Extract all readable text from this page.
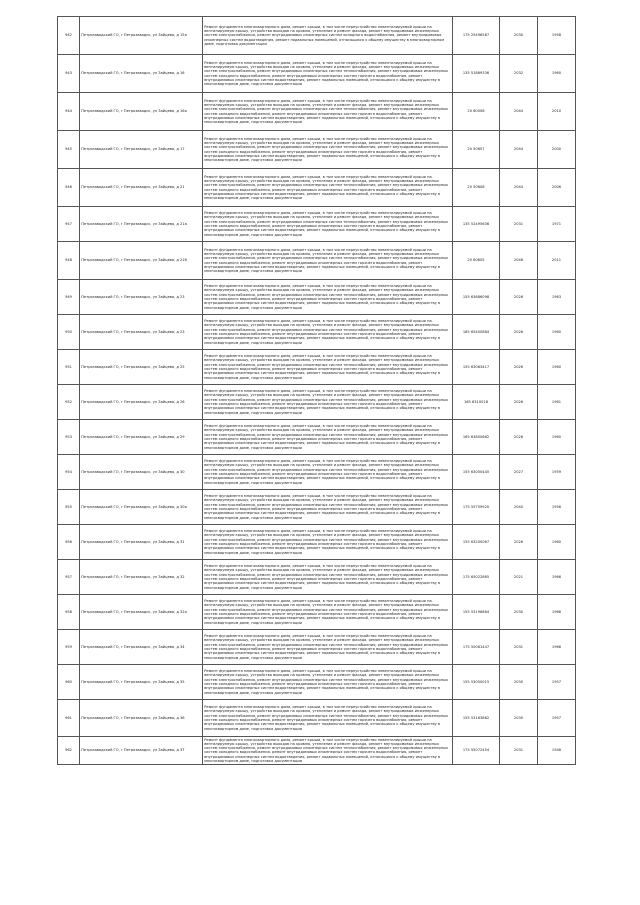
942	Петрозаводский ГО, г Петрозаводск, ул Зайцева, д 15а	Ремонт фундамента многоквартирного дома, ремонт крыши, в том числе переустройство невентилируемой крыши на вентилируемую крышу, устройство выходов на кровлю, утепление и ремонт фасада, ремонт внутридомовых инженерных систем электроснабжения, ремонт внутридомовых инженерных систем холодного водоснабжения, ремонт внутридомовых инженерных систем водоотведения, ремонт подвальных помещений, относящихся к общему имуществу в многоквартирном доме, подготовка документации	175 25496587	2030	1958
943	Петрозаводский ГО, г Петрозаводск, ул Зайцева, д 16	Ремонт фундамента многоквартирного дома, ремонт крыши, в том числе переустройство невентилируемой крыши на вентилируемую крышу, устройство выходов на кровлю, утепление и ремонт фасада, ремонт внутридомовых инженерных систем электроснабжения, ремонт внутридомовых инженерных систем теплоснабжения, ремонт внутридомовых инженерных систем холодного водоснабжения, ремонт внутридомовых инженерных систем горячего водоснабжения, ремонт внутридомовых инженерных систем водоотведения, ремонт подвальных помещений, относящихся к общему имуществу в многоквартирном доме, подготовка документации	135 51869336	2032	1960
944	Петрозаводский ГО, г Петрозаводск, ул Зайцева, д 16а	Ремонт фундамента многоквартирного дома, ремонт крыши, в том числе переустройство невентилируемой крыши на вентилируемую крышу, устройство выходов на кровлю, утепление и ремонт фасада, ремонт внутридомовых инженерных систем электроснабжения, ремонт внутридомовых инженерных систем теплоснабжения, ремонт внутридомовых инженерных систем холодного водоснабжения, ремонт внутридомовых инженерных систем горячего водоснабжения, ремонт внутридомовых инженерных систем водоотведения, ремонт подвальных помещений, относящихся к общему имуществу в многоквартирном доме, подготовка документации	20 60006	2044	2010
945	Петрозаводский ГО, г Петрозаводск, ул Зайцева, д 17	Ремонт фундамента многоквартирного дома, ремонт крыши, в том числе переустройство невентилируемой крыши на вентилируемую крышу, устройство выходов на кровлю, утепление и ремонт фасада, ремонт внутридомовых инженерных систем электроснабжения, ремонт внутридомовых инженерных систем теплоснабжения, ремонт внутридомовых инженерных систем холодного водоснабжения, ремонт внутридомовых инженерных систем горячего водоснабжения, ремонт внутридомовых инженерных систем водоотведения, ремонт подвальных помещений, относящихся к общему имуществу в многоквартирном доме, подготовка документации	20 50607	2044	2000
946	Петрозаводский ГО, г Петрозаводск, ул Зайцева, д 21	Ремонт фундамента многоквартирного дома, ремонт крыши, в том числе переустройство невентилируемой крыши на вентилируемую крышу, устройство выходов на кровлю, утепление и ремонт фасада, ремонт внутридомовых инженерных систем электроснабжения, ремонт внутридомовых инженерных систем теплоснабжения, ремонт внутридомовых инженерных систем холодного водоснабжения, ремонт внутридомовых инженерных систем горячего водоснабжения, ремонт внутридомовых инженерных систем водоотведения, ремонт подвальных помещений, относящихся к общему имуществу в многоквартирном доме, подготовка документации	20 50608	2044	2006
947	Петрозаводский ГО, г Петрозаводск, ул Зайцева, д 21а	Ремонт фундамента многоквартирного дома, ремонт крыши, в том числе переустройство невентилируемой крыши на вентилируемую крышу, устройство выходов на кровлю, утепление и ремонт фасада, ремонт внутридомовых инженерных систем электроснабжения, ремонт внутридомовых инженерных систем теплоснабжения, ремонт внутридомовых инженерных систем холодного водоснабжения, ремонт внутридомовых инженерных систем горячего водоснабжения, ремонт внутридомовых инженерных систем водоотведения, ремонт подвальных помещений, относящихся к общему имуществу в многоквартирном доме, подготовка документации	135 52495636	2031	1971
948	Петрозаводский ГО, г Петрозаводск, ул Зайцева, д 21б	Ремонт фундамента многоквартирного дома, ремонт крыши, в том числе переустройство невентилируемой крыши на вентилируемую крышу, устройство выходов на кровлю, утепление и ремонт фасада, ремонт внутридомовых инженерных систем электроснабжения, ремонт внутридомовых инженерных систем теплоснабжения, ремонт внутридомовых инженерных систем холодного водоснабжения, ремонт внутридомовых инженерных систем горячего водоснабжения, ремонт внутридомовых инженерных систем водоотведения, ремонт подвальных помещений, относящихся к общему имуществу в многоквартирном доме, подготовка документации	20 60605	2046	2011
949	Петрозаводский ГО, г Петрозаводск, ул Зайцева, д 23	Ремонт фундамента многоквартирного дома, ремонт крыши, в том числе переустройство невентилируемой крыши на вентилируемую крышу, устройство выходов на кровлю, утепление и ремонт фасада, ремонт внутридомовых инженерных систем электроснабжения, ремонт внутридомовых инженерных систем теплоснабжения, ремонт внутридомовых инженерных систем холодного водоснабжения, ремонт внутридомовых инженерных систем горячего водоснабжения, ремонт внутридомовых инженерных систем водоотведения, ремонт подвальных помещений, относящихся к общему имуществу в многоквартирном доме, подготовка документации	155 63686098	2026	1963
950	Петрозаводский ГО, г Петрозаводск, ул Зайцева, д 23	Ремонт фундамента многоквартирного дома, ремонт крыши, в том числе переустройство невентилируемой крыши на вентилируемую крышу, устройство выходов на кровлю, утепление и ремонт фасада, ремонт внутридомовых инженерных систем электроснабжения, ремонт внутридомовых инженерных систем теплоснабжения, ремонт внутридомовых инженерных систем холодного водоснабжения, ремонт внутридомовых инженерных систем горячего водоснабжения, ремонт внутридомовых инженерных систем водоотведения, ремонт подвальных помещений, относящихся к общему имуществу в многоквартирном доме, подготовка документации	185 65400884	2026	1960
951	Петрозаводский ГО, г Петрозаводск, ул Зайцева, д 25	Ремонт фундамента многоквартирного дома, ремонт крыши, в том числе переустройство невентилируемой крыши на вентилируемую крышу, устройство выходов на кровлю, утепление и ремонт фасада, ремонт внутридомовых инженерных систем электроснабжения, ремонт внутридомовых инженерных систем теплоснабжения, ремонт внутридомовых инженерных систем холодного водоснабжения, ремонт внутридомовых инженерных систем горячего водоснабжения, ремонт внутридомовых инженерных систем водоотведения, ремонт подвальных помещений, относящихся к общему имуществу в многоквартирном доме, подготовка документации	155 63063417	2026	1960
952	Петрозаводский ГО, г Петрозаводск, ул Зайцева, д 26	Ремонт фундамента многоквартирного дома, ремонт крыши, в том числе переустройство невентилируемой крыши на вентилируемую крышу, устройство выходов на кровлю, утепление и ремонт фасада, ремонт внутридомовых инженерных систем электроснабжения, ремонт внутридомовых инженерных систем теплоснабжения, ремонт внутридомовых инженерных систем холодного водоснабжения, ремонт внутридомовых инженерных систем горячего водоснабжения, ремонт внутридомовых инженерных систем водоотведения, ремонт подвальных помещений, относящихся к общему имуществу в многоквартирном доме, подготовка документации	165 6310018	2026	1961
953	Петрозаводский ГО, г Петрозаводск, ул Зайцева, д 29	Ремонт фундамента многоквартирного дома, ремонт крыши, в том числе переустройство невентилируемой крыши на вентилируемую крышу, устройство выходов на кровлю, утепление и ремонт фасада, ремонт внутридомовых инженерных систем электроснабжения, ремонт внутридомовых инженерных систем теплоснабжения, ремонт внутридомовых инженерных систем холодного водоснабжения, ремонт внутридомовых инженерных систем горячего водоснабжения, ремонт внутридомовых инженерных систем водоотведения, ремонт подвальных помещений, относящихся к общему имуществу в многоквартирном доме, подготовка документации	165 63800662	2026	1960
954	Петрозаводский ГО, г Петрозаводск, ул Зайцева, д 30	Ремонт фундамента многоквартирного дома, ремонт крыши, в том числе переустройство невентилируемой крыши на вентилируемую крышу, устройство выходов на кровлю, утепление и ремонт фасада, ремонт внутридомовых инженерных систем электроснабжения, ремонт внутридомовых инженерных систем теплоснабжения, ремонт внутридомовых инженерных систем холодного водоснабжения, ремонт внутридомовых инженерных систем горячего водоснабжения, ремонт внутридомовых инженерных систем водоотведения, ремонт подвальных помещений, относящихся к общему имуществу в многоквартирном доме, подготовка документации	155 63050445	2027	1959
955	Петрозаводский ГО, г Петрозаводск, ул Зайцева, д 30а	Ремонт фундамента многоквартирного дома, ремонт крыши, в том числе переустройство невентилируемой крыши на вентилируемую крышу, устройство выходов на кровлю, утепление и ремонт фасада, ремонт внутридомовых инженерных систем электроснабжения, ремонт внутридомовых инженерных систем теплоснабжения, ремонт внутридомовых инженерных систем холодного водоснабжения, ремонт внутридомовых инженерных систем горячего водоснабжения, ремонт внутридомовых инженерных систем водоотведения, ремонт подвальных помещений, относящихся к общему имуществу в многоквартирном доме, подготовка документации	175 55759920	2040	1956
956	Петрозаводский ГО, г Петрозаводск, ул Зайцева, д 31	Ремонт фундамента многоквартирного дома, ремонт крыши, в том числе переустройство невентилируемой крыши на вентилируемую крышу, устройство выходов на кровлю, утепление и ремонт фасада, ремонт внутридомовых инженерных систем электроснабжения, ремонт внутридомовых инженерных систем теплоснабжения, ремонт внутридомовых инженерных систем холодного водоснабжения, ремонт внутридомовых инженерных систем горячего водоснабжения, ремонт внутридомовых инженерных систем водоотведения, ремонт подвальных помещений, относящихся к общему имуществу в многоквартирном доме, подготовка документации	155 63200067	2026	1960
957	Петрозаводский ГО, г Петрозаводск, ул Зайцева, д 32	Ремонт фундамента многоквартирного дома, ремонт крыши, в том числе переустройство невентилируемой крыши на вентилируемую крышу, устройство выходов на кровлю, утепление и ремонт фасада, ремонт внутридомовых инженерных систем электроснабжения, ремонт внутридомовых инженерных систем теплоснабжения, ремонт внутридомовых инженерных систем холодного водоснабжения, ремонт внутридомовых инженерных систем горячего водоснабжения, ремонт внутридомовых инженерных систем водоотведения, ремонт подвальных помещений, относящихся к общему имуществу в многоквартирном доме, подготовка документации	175 65022865	2021	1966
958	Петрозаводский ГО, г Петрозаводск, ул Зайцева, д 32а	Ремонт фундамента многоквартирного дома, ремонт крыши, в том числе переустройство невентилируемой крыши на вентилируемую крышу, устройство выходов на кровлю, утепление и ремонт фасада, ремонт внутридомовых инженерных систем электроснабжения, ремонт внутридомовых инженерных систем теплоснабжения, ремонт внутридомовых инженерных систем холодного водоснабжения, ремонт внутридомовых инженерных систем горячего водоснабжения, ремонт внутридомовых инженерных систем водоотведения, ремонт подвальных помещений, относящихся к общему имуществу в многоквартирном доме, подготовка документации	155 53196864	2030	1966
959	Петрозаводский ГО, г Петрозаводск, ул Зайцева, д 34	Ремонт фундамента многоквартирного дома, ремонт крыши, в том числе переустройство невентилируемой крыши на вентилируемую крышу, устройство выходов на кровлю, утепление и ремонт фасада, ремонт внутридомовых инженерных систем электроснабжения, ремонт внутридомовых инженерных систем теплоснабжения, ремонт внутридомовых инженерных систем холодного водоснабжения, ремонт внутридомовых инженерных систем горячего водоснабжения, ремонт внутридомовых инженерных систем водоотведения, ремонт подвальных помещений, относящихся к общему имуществу в многоквартирном доме, подготовка документации	175 50061447	2031	1966
960	Петрозаводский ГО, г Петрозаводск, ул Зайцева, д 35	Ремонт фундамента многоквартирного дома, ремонт крыши, в том числе переустройство невентилируемой крыши на вентилируемую крышу, устройство выходов на кровлю, утепление и ремонт фасада, ремонт внутридомовых инженерных систем электроснабжения, ремонт внутридомовых инженерных систем теплоснабжения, ремонт внутридомовых инженерных систем холодного водоснабжения, ремонт внутридомовых инженерных систем горячего водоснабжения, ремонт внутридомовых инженерных систем водоотведения, ремонт подвальных помещений, относящихся к общему имуществу в многоквартирном доме, подготовка документации	155 53050015	2030	1957
961	Петрозаводский ГО, г Петрозаводск, ул Зайцева, д 36	Ремонт фундамента многоквартирного дома, ремонт крыши, в том числе переустройство невентилируемой крыши на вентилируемую крышу, устройство выходов на кровлю, утепление и ремонт фасада, ремонт внутридомовых инженерных систем электроснабжения, ремонт внутридомовых инженерных систем теплоснабжения, ремонт внутридомовых инженерных систем холодного водоснабжения, ремонт внутридомовых инженерных систем горячего водоснабжения, ремонт внутридомовых инженерных систем водоотведения, ремонт подвальных помещений, относящихся к общему имуществу в многоквартирном доме, подготовка документации	155 53163862	2030	1957
962	Петрозаводский ГО, г Петрозаводск, ул Зайцева, д 37	Ремонт фундамента многоквартирного дома, ремонт крыши, в том числе переустройство невентилируемой крыши на вентилируемую крышу, устройство выходов на кровлю, утепление и ремонт фасада, ремонт внутридомовых инженерных систем электроснабжения, ремонт внутридомовых инженерных систем теплоснабжения, ремонт внутридомовых инженерных систем холодного водоснабжения, ремонт внутридомовых инженерных систем горячего водоснабжения, ремонт внутридомовых инженерных систем водоотведения, ремонт подвальных помещений, относящихся к общему имуществу в многоквартирном доме, подготовка документации	175 55072454	2031	1946
